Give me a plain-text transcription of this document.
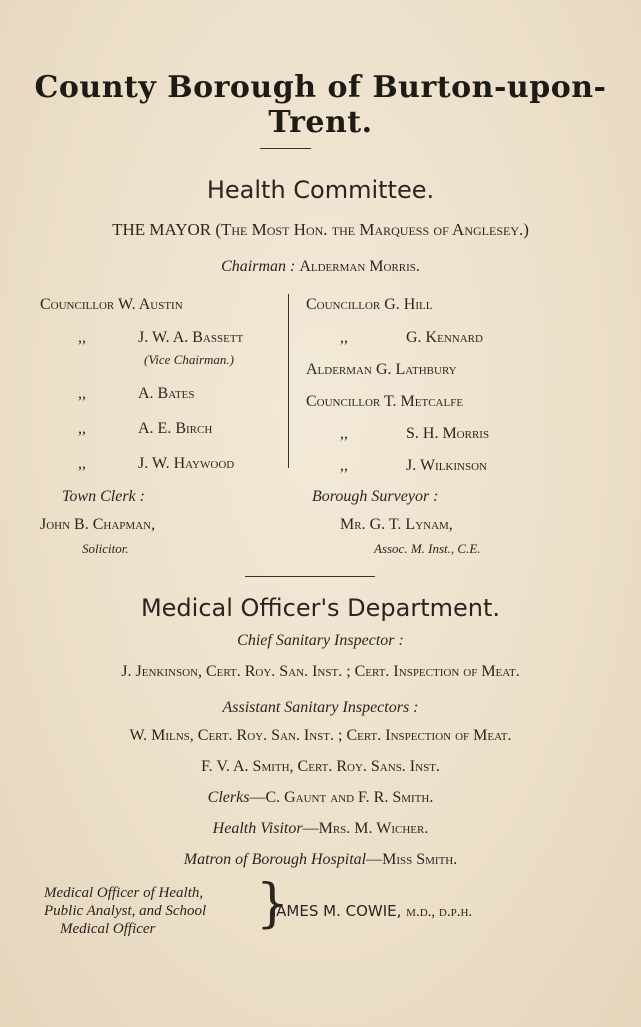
County Borough of Burton-upon-Trent.
Health Committee.
THE MAYOR (The Most Hon. the Marquess of Anglesey.)
Chairman : Alderman Morris.
Councillor W. Austin
,,	J. W. A. Bassett
(Vice Chairman.)
,,	A. Bates
,,	A. E. Birch
,,	J. W. Haywood
Councillor G. Hill
,,	G. Kennard
Alderman G. Lathbury
Councillor T. Metcalfe
,,	S. H. Morris
,,	J. Wilkinson
Town Clerk :
John B. Chapman,
Solicitor.
Borough Surveyor :
Mr. G. T. Lynam,
Assoc. M. Inst., C.E.
Medical Officer's Department.
Chief Sanitary Inspector :
J. Jenkinson, Cert. Roy. San. Inst. ; Cert. Inspection of Meat.
Assistant Sanitary Inspectors :
W. Milns, Cert. Roy. San. Inst. ; Cert. Inspection of Meat.
F. V. A. Smith, Cert. Roy. Sans. Inst.
Clerks—C. Gaunt and F. R. Smith.
Health Visitor—Mrs. M. Wicher.
Matron of Borough Hospital—Miss Smith.
Medical Officer of Health,
Public Analyst, and School
Medical Officer	}
JAMES M. COWIE, m.d., d.p.h.
